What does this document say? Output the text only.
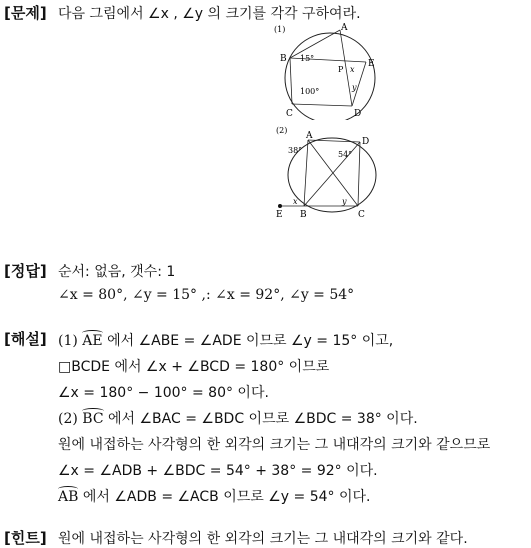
[문제] 다음 그림에서 ∠x , ∠y 의 크기를 각각 구하여라.
(1)	A
B
C	D
E
P
15°
100°
x
y
(2)
A
B	C
D
E
38°	54°
x	y
[정답] 순서: 없음, 갯수: 1
∠x = 80°, ∠y = 15° ,: ∠x = 92°, ∠y = 54°
[해설] (1) AE 에서 ∠ABE = ∠ADE 이므로 ∠y = 15° 이고,
□BCDE 에서 ∠x + ∠BCD = 180° 이므로
∠x = 180° − 100° = 80° 이다.
(2) BC 에서 ∠BAC = ∠BDC 이므로 ∠BDC = 38° 이다.
원에 내접하는 사각형의 한 외각의 크기는 그 내대각의 크기와 같으므로
∠x = ∠ADB + ∠BDC = 54° + 38° = 92° 이다.
AB 에서 ∠ADB = ∠ACB 이므로 ∠y = 54° 이다.
[힌트] 원에 내접하는 사각형의 한 외각의 크기는 그 내대각의 크기와 같다.
